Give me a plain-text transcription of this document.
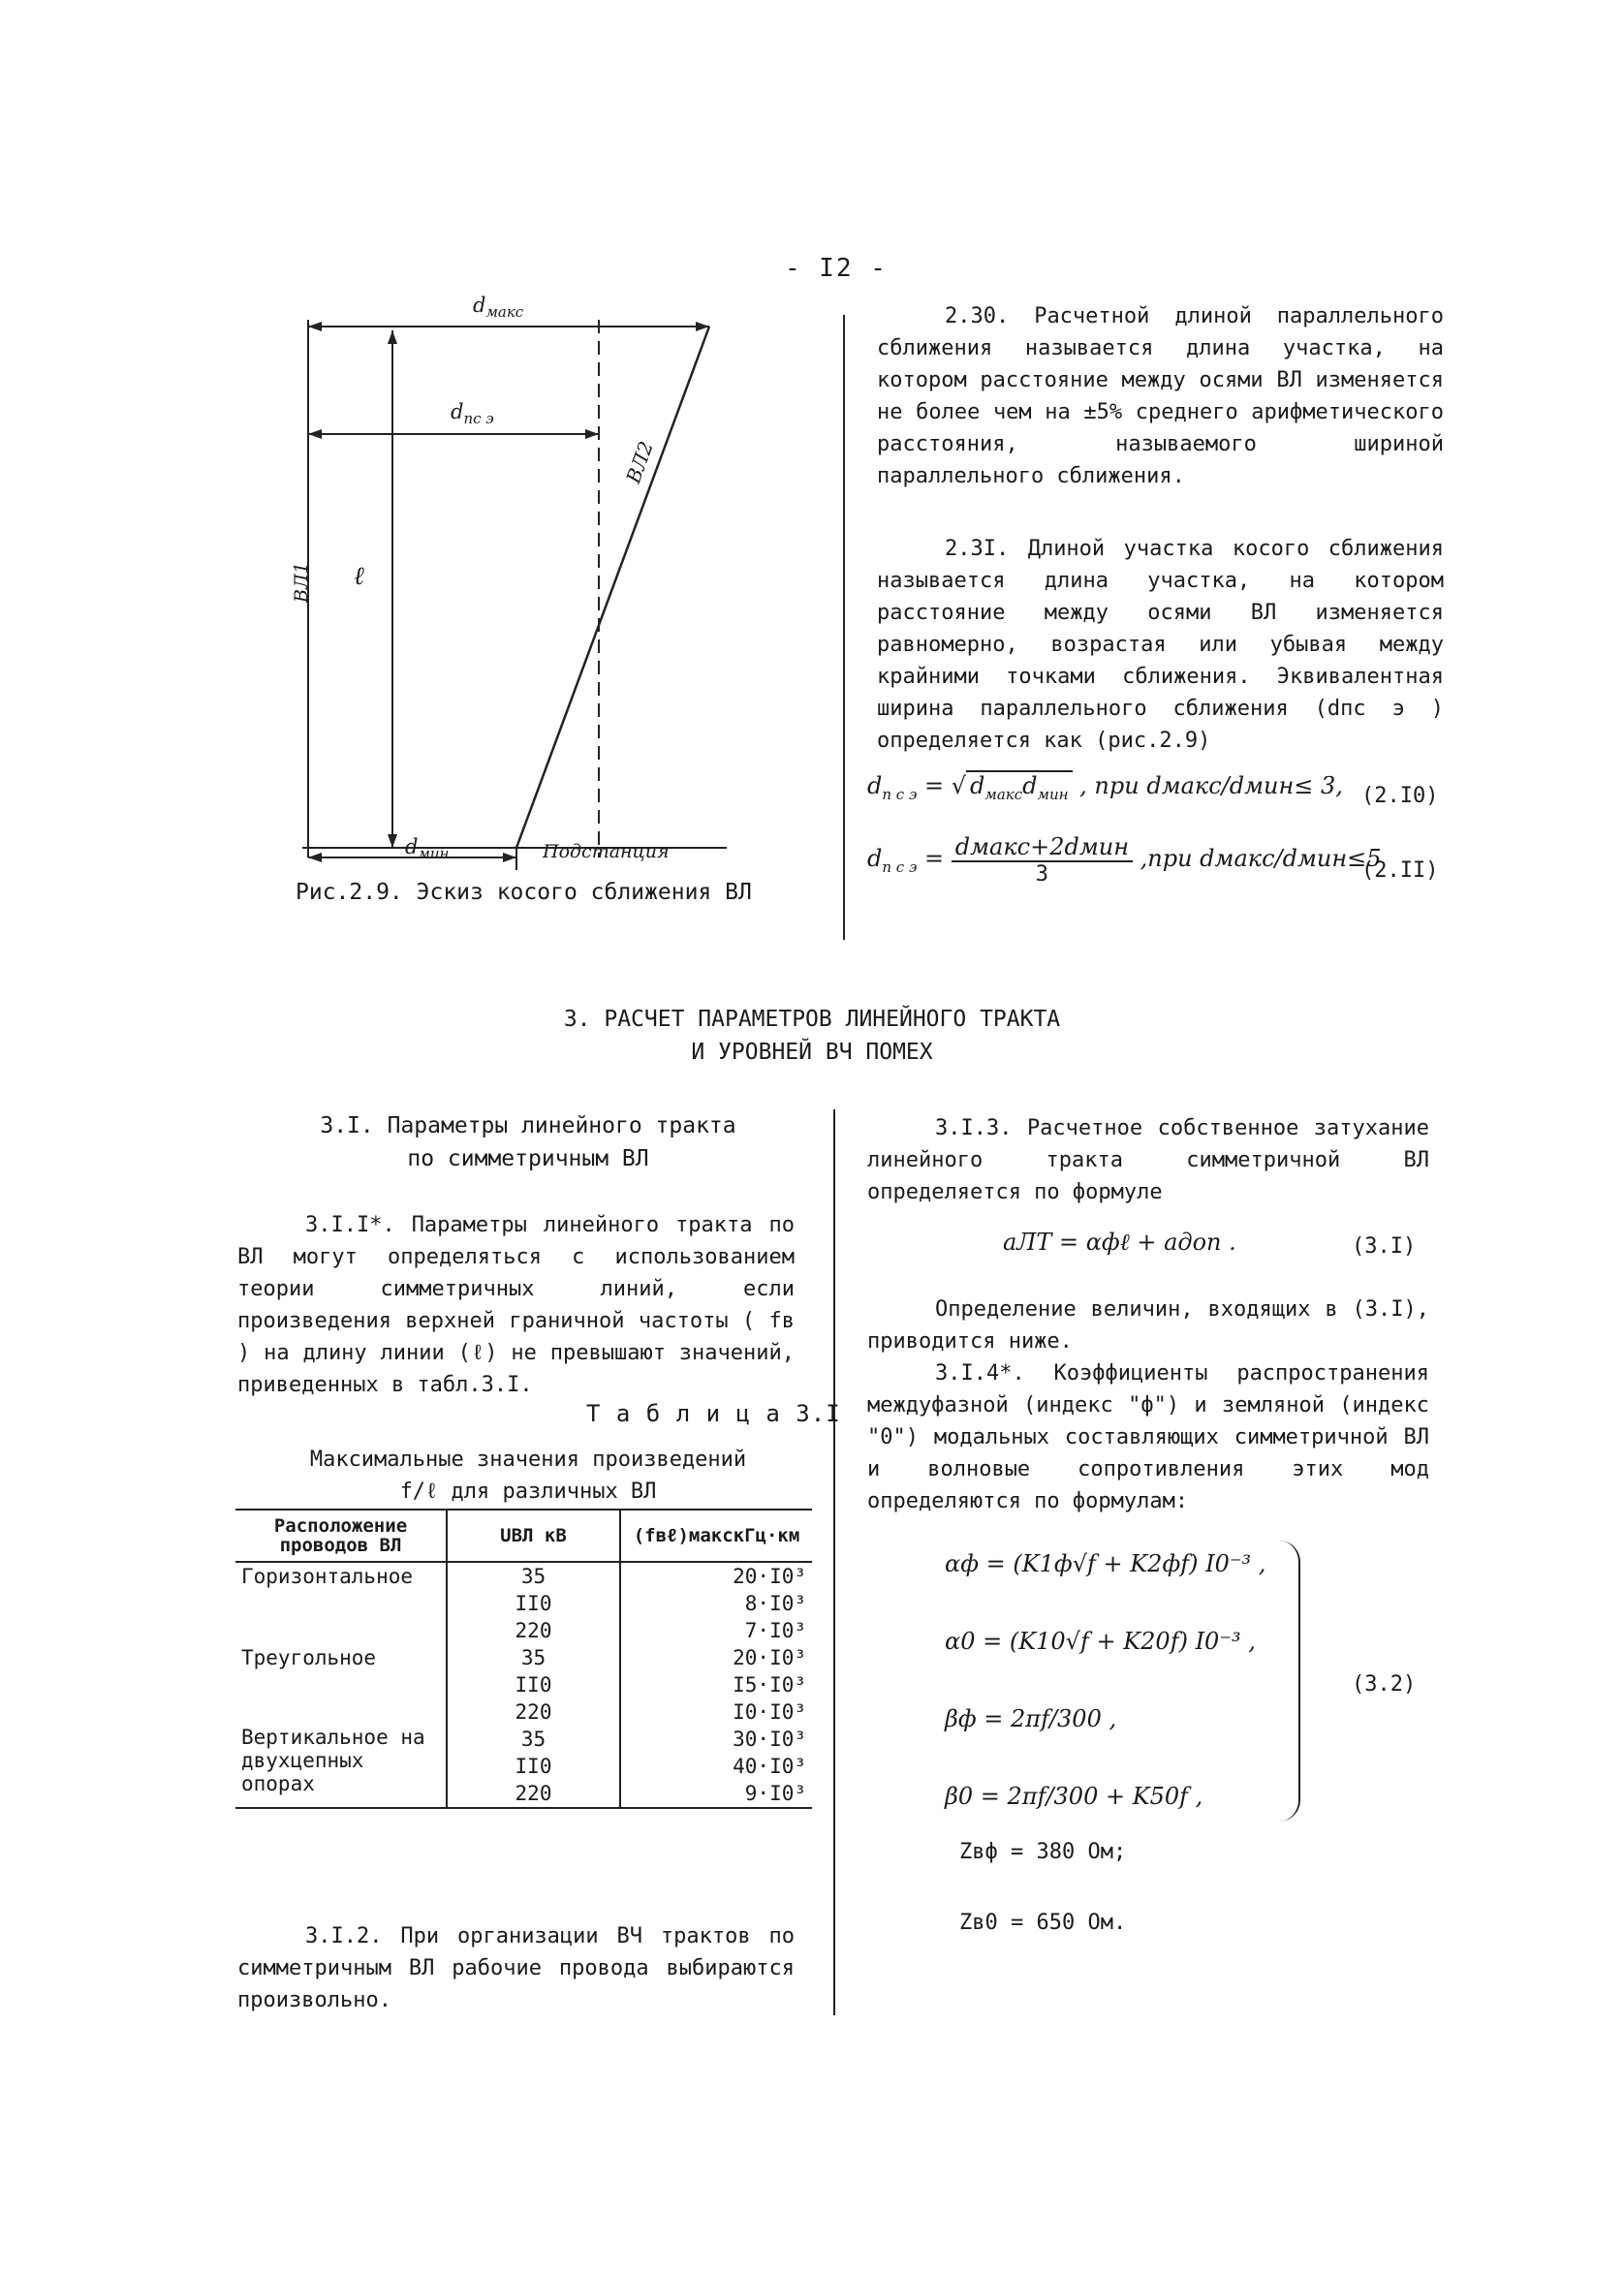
- I2 -
$d_{макс}$
$d_{пс э}$
ВЛ1 ℓ
ВЛ2
$d_{мин}$	Подстанция
Рис.2.9. Эскиз косого сближения ВЛ
2.30. Расчетной длиной параллельного сближения называется длина участка, на котором расстояние между осями ВЛ изменяется не более чем на ±5% среднего арифметического расстояния, называемого шириной параллельного сближения.
2.3I. Длиной участка косого сближения называется длина участка, на котором расстояние между осями ВЛ изменяется равномерно, возрастая или убывая между крайними точками сближения. Эквивалентная ширина параллельного сближения (dпс э ) определяется как (рис.2.9)
$d_{п с э}$ = √ $d_{макс}d_{мин}$ , при dмакс/dмин≤ 3, (2.I0)
$d_{п с э} = \frac{\text{dмакс+2dмин}}{3} ,при$ dмакс/dмин≤5
(2.II)
3. РАСЧЕТ ПАРАМЕТРОВ ЛИНЕЙНОГО ТРАКТА
И УРОВНЕЙ ВЧ ПОМЕХ
3.I. Параметры линейного тракта
по симметричным ВЛ
3.I.I*. Параметры линейного тракта по ВЛ могут определяться с использованием теории симметричных линий, если произведения верхней граничной частоты ( fв ) на длину линии (ℓ) не превышают значений, приведенных в табл.3.I.
Т а б л и ц а 3.I
Максимальные значения произведений
f/ℓ для различных ВЛ
Расположение проводов ВЛ	UВЛ кВ	(fвℓ)макскГц·км
Горизонтальное	35	20·I0³
	II0	8·I0³
	220	7·I0³
Треугольное	35	20·I0³
	II0	I5·I0³
	220	I0·I0³
Вертикальное на двухцепных опорах	35	30·I0³
	II0	40·I0³
	220	9·I0³
3.I.2. При организации ВЧ трактов по симметричным ВЛ рабочие провода выбираются произвольно.
3.I.3. Расчетное собственное затухание линейного тракта симметричной ВЛ определяется по формуле
aЛТ = αфℓ + aдоп .	(3.I)
Определение величин, входящих в (3.I), приводится ниже.
3.I.4*. Коэффициенты распространения междуфазной (индекс "ф") и земляной (индекс "0") модальных составляющих симметричной ВЛ и волновые сопротивления этих мод определяются по формулам:
αф = (K1ф√f + K2фf) I0⁻³ ,
α0 = (K10√f + K20f) I0⁻³ ,
βф = 2πf/300 ,
β0 = 2πf/300 + K50f ,
(3.2)
Zвф = 380 Ом;
Zв0 = 650 Ом.
